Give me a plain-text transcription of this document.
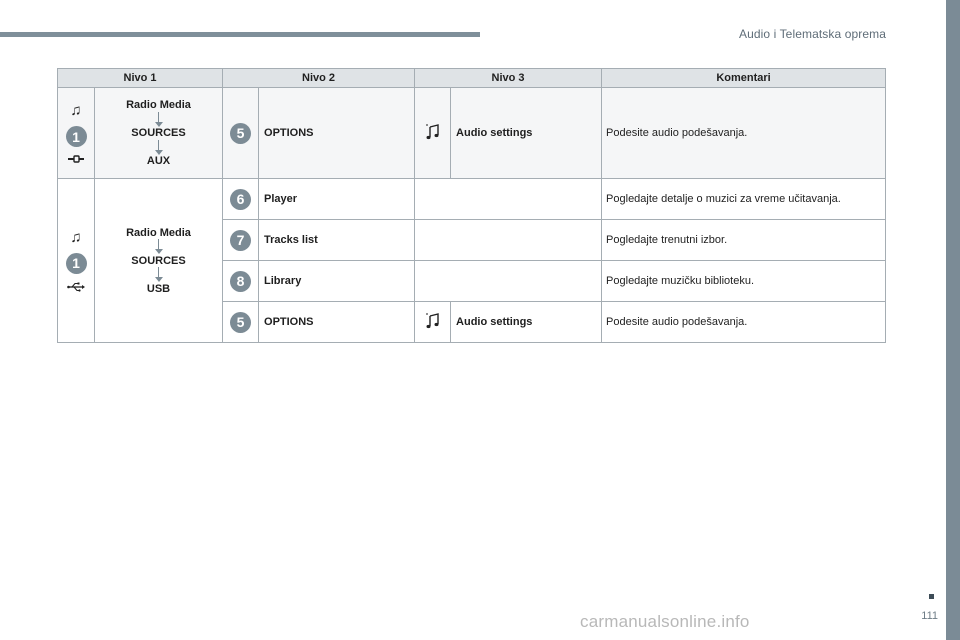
Audio i Telematska oprema
111
carmanualsonline.info
Nivo 1		Nivo 2		Nivo 3		Komentari

♫
1	Radio Media
SOURCES
AUX	5	OPTIONS		Audio settings	Podesite audio podešavanja.

♫
1	Radio Media
SOURCES
USB	6	Player			Pogledajte detalje o muzici za vreme učitavanja.
		7	Tracks list			Pogledajte trenutni izbor.
		8	Library			Pogledajte muzičku biblioteku.
		5	OPTIONS		Audio settings	Podesite audio podešavanja.
